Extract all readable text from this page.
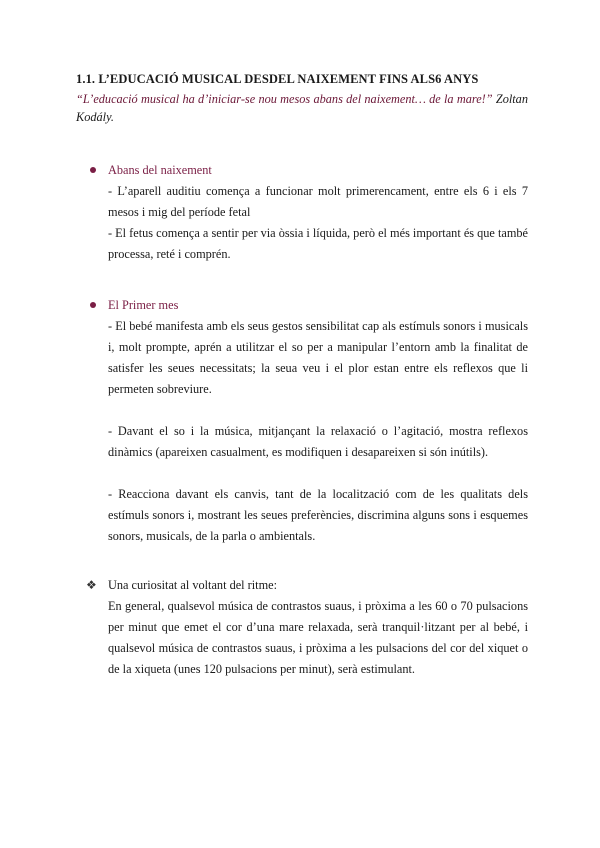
1.1. L’EDUCACIÓ MUSICAL DESDEL NAIXEMENT FINS ALS6 ANYS

“L’educació musical ha d’iniciar-se nou mesos abans del naixement… de la mare!” Zoltan Kodály.

Abans del naixement

- L’aparell auditiu comença a funcionar molt primerencament, entre els 6 i els 7 mesos i mig del període fetal

- El fetus comença a sentir per via òssia i líquida, però el més important és que també processa, reté i comprén.

El Primer mes

- El bebé manifesta amb els seus gestos sensibilitat cap als estímuls sonors i musicals i, molt prompte, aprén a utilitzar el so per a manipular l’entorn amb la finalitat de satisfer les seues necessitats; la seua veu i el plor estan entre els reflexos que li permeten sobreviure.

- Davant el so i la música, mitjançant la relaxació o l’agitació, mostra reflexos dinàmics (apareixen casualment, es modifiquen i desapareixen si són inútils).

- Reacciona davant els canvis, tant de la localització com de les qualitats dels estímuls sonors i, mostrant les seues preferències, discrimina alguns sons i esquemes sonors, musicals, de la parla o ambientals.

❖ Una curiositat al voltant del ritme:

En general, qualsevol música de contrastos suaus, i pròxima a les 60 o 70 pulsacions per minut que emet el cor d’una mare relaxada, serà tranquil·litzant per al bebé, i qualsevol música de contrastos suaus, i pròxima a les pulsacions del cor del xiquet o de la xiqueta (unes 120 pulsacions per minut), serà estimulant.
